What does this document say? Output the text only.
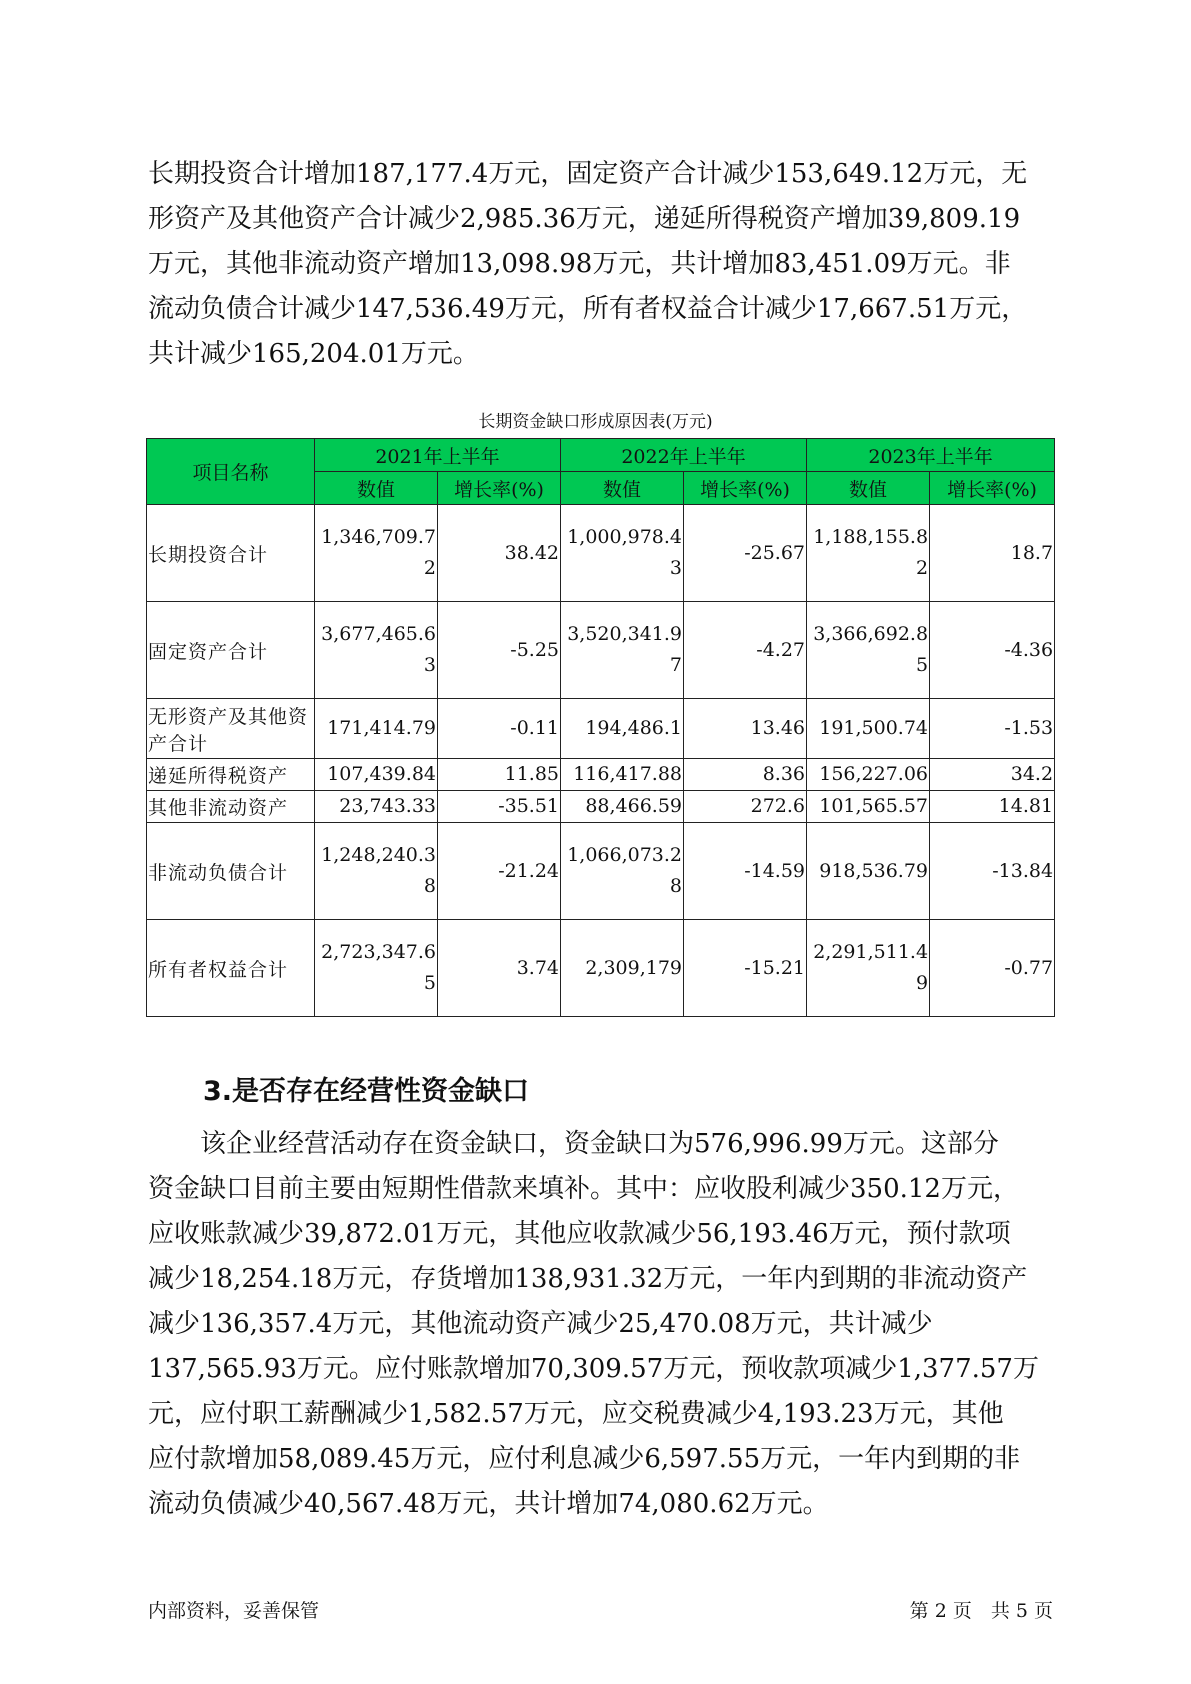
长期投资合计增加187,177.4万元，固定资产合计减少153,649.12万元，无
形资产及其他资产合计减少2,985.36万元，递延所得税资产增加39,809.19
万元，其他非流动资产增加13,098.98万元，共计增加83,451.09万元。非
流动负债合计减少147,536.49万元，所有者权益合计减少17,667.51万元，
共计减少165,204.01万元。
长期资金缺口形成原因表(万元)
项目名称	2021年上半年		2022年上半年		2023年上半年	
	数值	增长率(%)	数值	增长率(%)	数值	增长率(%)
长期投资合计	1,346,709.72	38.42	1,000,978.43	-25.67	1,188,155.82	18.7
固定资产合计	3,677,465.63	-5.25	3,520,341.97	-4.27	3,366,692.85	-4.36
无形资产及其他资产合计	171,414.79	-0.11	194,486.1	13.46	191,500.74	-1.53
递延所得税资产	107,439.84	11.85	116,417.88	8.36	156,227.06	34.2
其他非流动资产	23,743.33	-35.51	88,466.59	272.6	101,565.57	14.81
非流动负债合计	1,248,240.38	-21.24	1,066,073.28	-14.59	918,536.79	-13.84
所有者权益合计	2,723,347.65	3.74	2,309,179	-15.21	2,291,511.49	-0.77
3.是否存在经营性资金缺口
　　该企业经营活动存在资金缺口，资金缺口为576,996.99万元。这部分
资金缺口目前主要由短期性借款来填补。其中：应收股利减少350.12万元，
应收账款减少39,872.01万元，其他应收款减少56,193.46万元，预付款项
减少18,254.18万元，存货增加138,931.32万元，一年内到期的非流动资产
减少136,357.4万元，其他流动资产减少25,470.08万元，共计减少
137,565.93万元。应付账款增加70,309.57万元，预收款项减少1,377.57万
元，应付职工薪酬减少1,582.57万元，应交税费减少4,193.23万元，其他
应付款增加58,089.45万元，应付利息减少6,597.55万元，一年内到期的非
流动负债减少40,567.48万元，共计增加74,080.62万元。
内部资料，妥善保管	第 2 页　共 5 页
